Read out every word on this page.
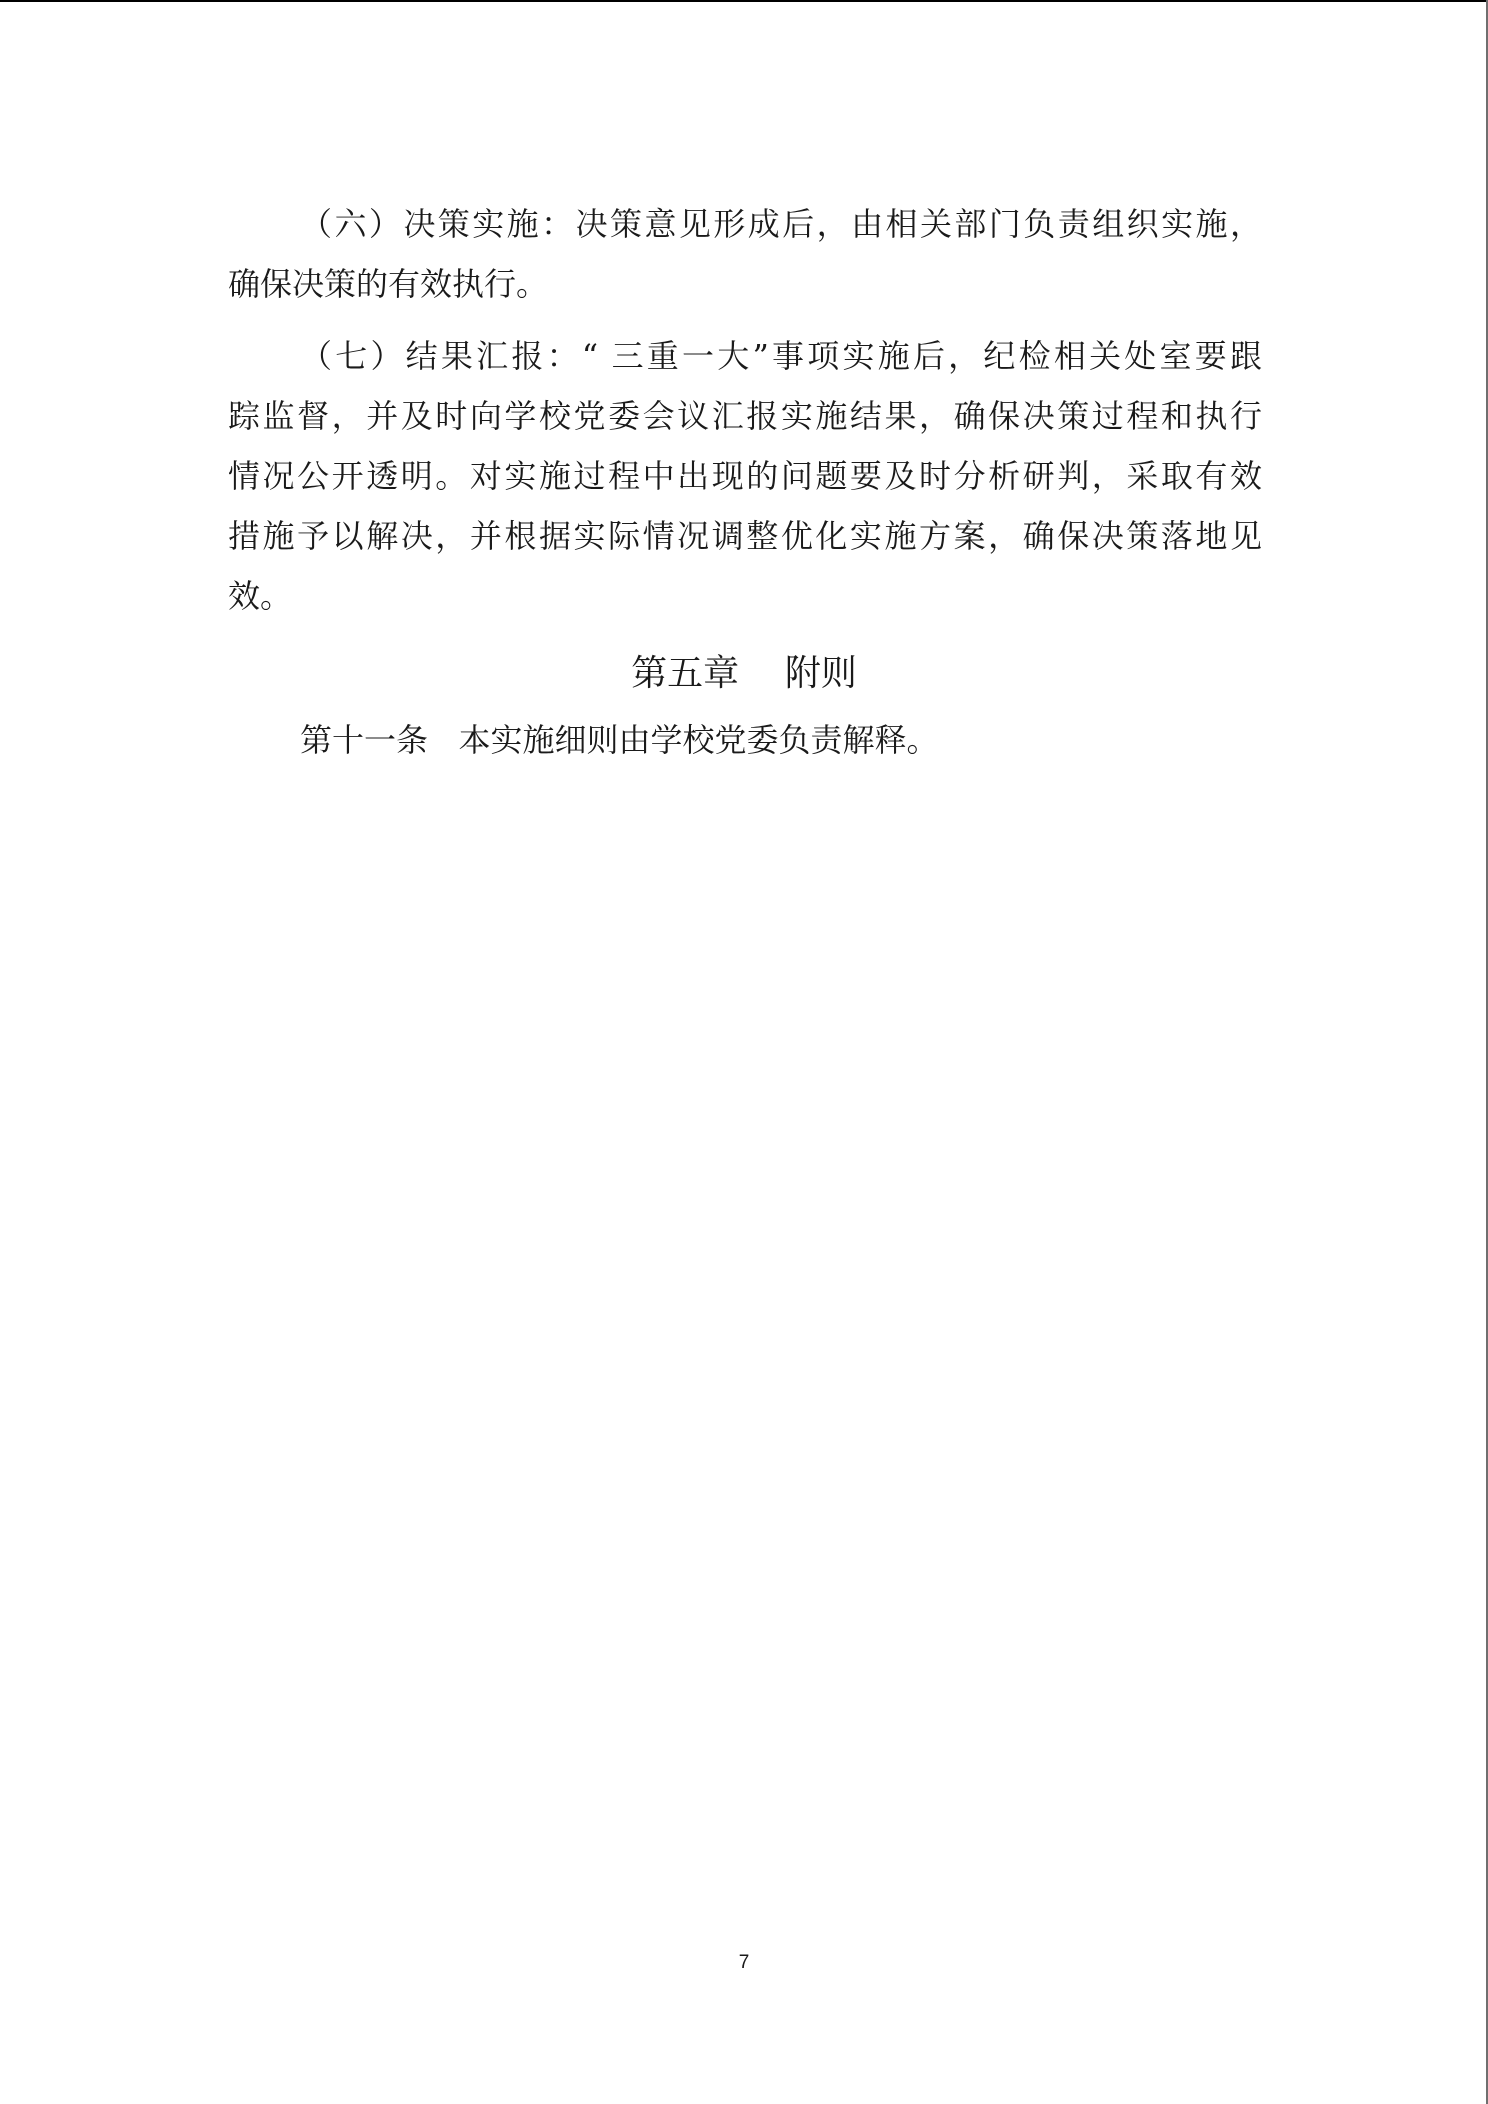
（六）决策实施：决策意见形成后，由相关部门负责组织实施，
确保决策的有效执行。
（七）结果汇报：“ 三重一大”事项实施后，纪检相关处室要跟
踪监督，并及时向学校党委会议汇报实施结果，确保决策过程和执行
情况公开透明。对实施过程中出现的问题要及时分析研判，采取有效
措施予以解决，并根据实际情况调整优化实施方案，确保决策落地见
效。
第五章    附则

第十一条   本实施细则由学校党委负责解释。

7
